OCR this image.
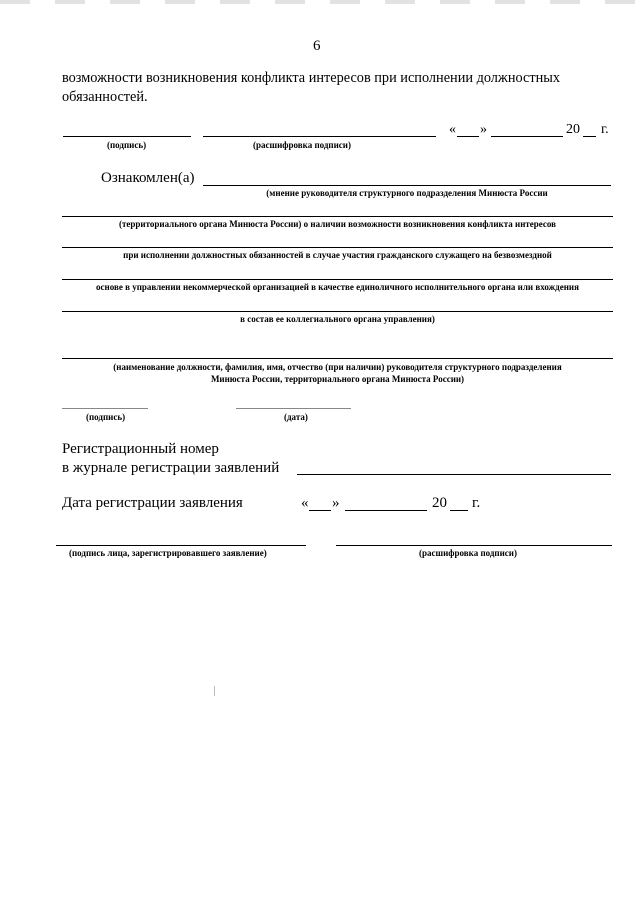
6
возможности возникновения конфликта интересов при исполнении должностных
обязанностей.
« »	20 г.
(подпись)	(расшифровка подписи)
Ознакомлен(а)
(мнение руководителя структурного подразделения Минюста России
(территориального органа Минюста России) о наличии возможности возникновения конфликта интересов
при исполнении должностных обязанностей в случае участия гражданского служащего на безвозмездной
основе в управлении некоммерческой организацией в качестве единоличного исполнительного органа или вхождения
в состав ее коллегиального органа управления)
(наименование должности, фамилия, имя, отчество (при наличии) руководителя структурного подразделения
Минюста России, территориального органа Минюста России)
(подпись)	(дата)
Регистрационный номер
в журнале регистрации заявлений
Дата регистрации заявления	« »	20 г.
(подпись лица, зарегистрировавшего заявление)	(расшифровка подписи)
